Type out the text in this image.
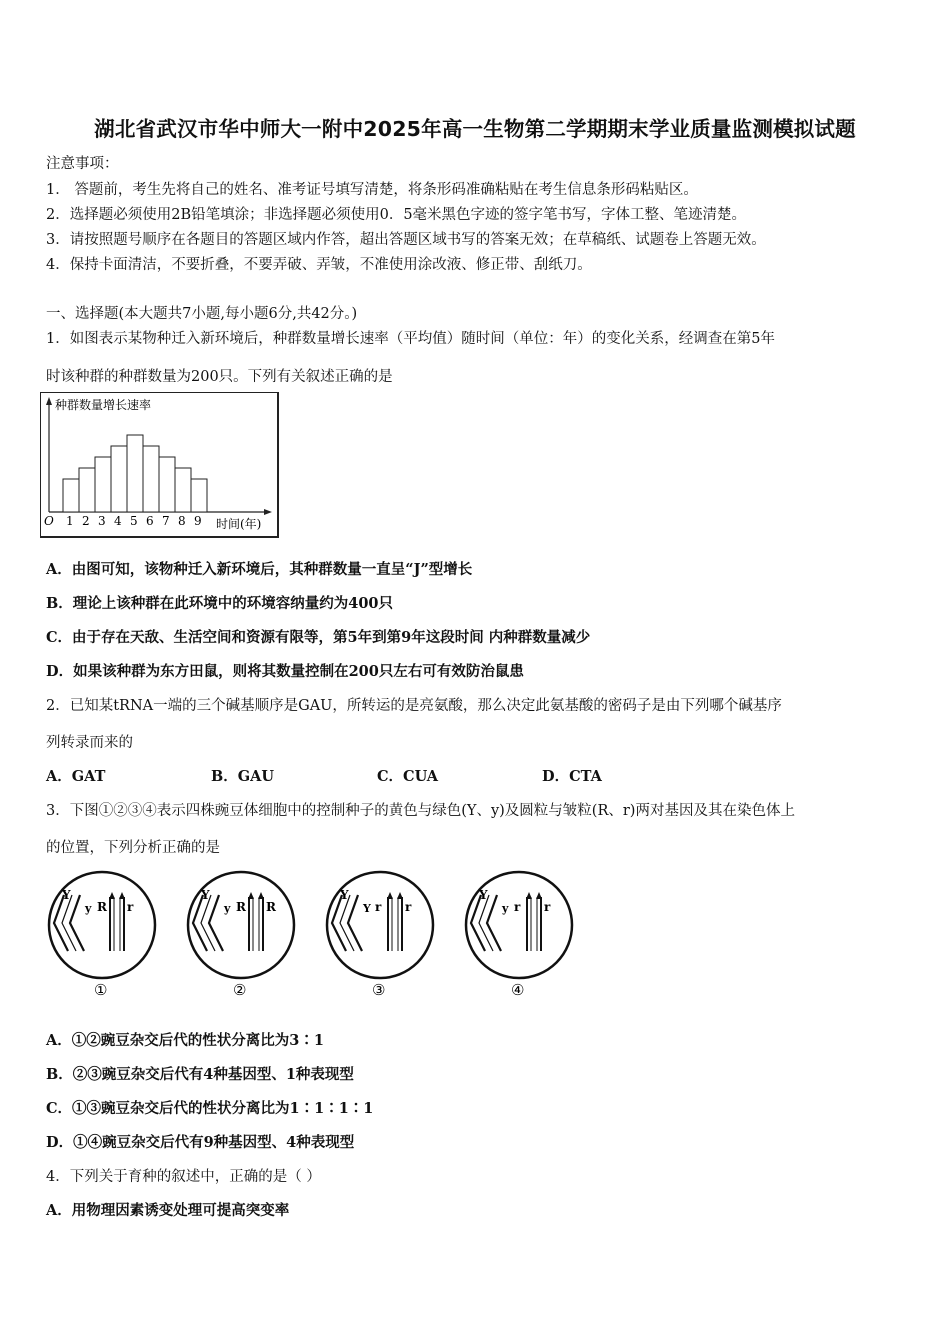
湖北省武汉市华中师大一附中2025年高一生物第二学期期末学业质量监测模拟试题
注意事项：
1． 答题前，考生先将自己的姓名、准考证号填写清楚，将条形码准确粘贴在考生信息条形码粘贴区。
2．选择题必须使用2B铅笔填涂；非选择题必须使用0．5毫米黑色字迹的签字笔书写，字体工整、笔迹清楚。
3．请按照题号顺序在各题目的答题区域内作答，超出答题区域书写的答案无效；在草稿纸、试题卷上答题无效。
4．保持卡面清洁，不要折叠，不要弄破、弄皱，不准使用涂改液、修正带、刮纸刀。
一、选择题(本大题共7小题,每小题6分,共42分。)
1．如图表示某物种迁入新环境后，种群数量增长速率（平均值）随时间（单位：年）的变化关系，经调查在第5年
时该种群的种群数量为200只。下列有关叙述正确的是
种群数量增长速率
时间(年)
O 1 2 3 4 5 6 7 8 9
A．由图可知，该物种迁入新环境后，其种群数量一直呈“J”型增长
B．理论上该种群在此环境中的环境容纳量约为400只
C．由于存在天敌、生活空间和资源有限等，第5年到第9年这段时间 内种群数量减少
D．如果该种群为东方田鼠，则将其数量控制在200只左右可有效防治鼠患
2．已知某tRNA一端的三个碱基顺序是GAU，所转运的是亮氨酸，那么决定此氨基酸的密码子是由下列哪个碱基序
列转录而来的
A．GAT	B．GAU	C．CUA	D．CTA
3．下图①②③④表示四株豌豆体细胞中的控制种子的黄色与绿色(Y、y)及圆粒与皱粒(R、r)两对基因及其在染色体上
的位置，下列分析正确的是
Y
y R r
①
Y
y R R
②
Y
Y r r
③
Y
y r r
④
A．①②豌豆杂交后代的性状分离比为3∶1
B．②③豌豆杂交后代有4种基因型、1种表现型
C．①③豌豆杂交后代的性状分离比为1∶1∶1∶1
D．①④豌豆杂交后代有9种基因型、4种表现型
4．下列关于育种的叙述中，正确的是（ ）
A．用物理因素诱变处理可提高突变率
